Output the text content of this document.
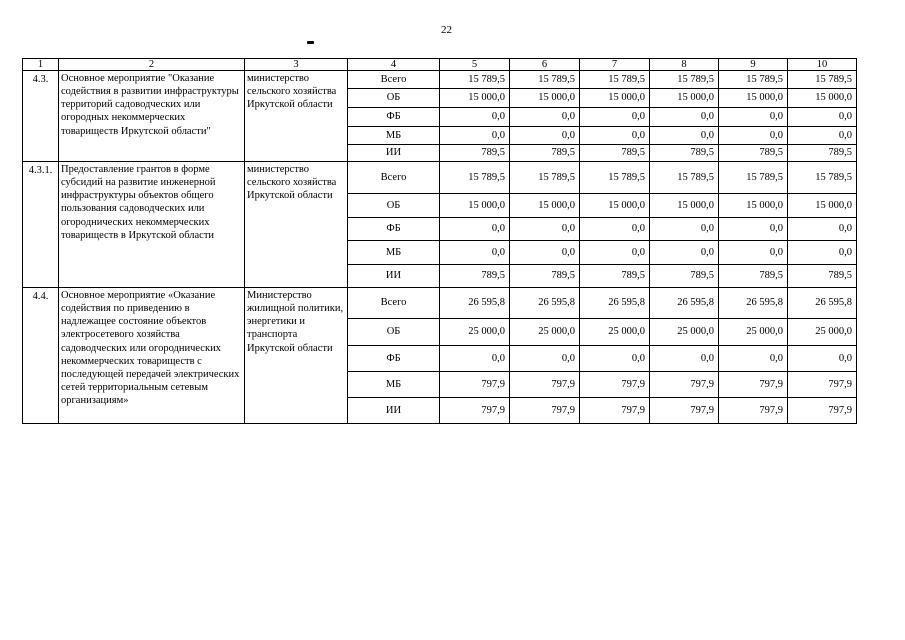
22
1	2	3	4	5	6	7	8	9	10
4.3.	Основное мероприятие "Оказание содействия в развитии инфраструктуры территорий садоводческих или огородных некоммерческих товариществ Иркутской области"	министерство сельского хозяйства Иркутской области	Всего	15 789,5	15 789,5	15 789,5	15 789,5	15 789,5	15 789,5
			ОБ	15 000,0	15 000,0	15 000,0	15 000,0	15 000,0	15 000,0
			ФБ	0,0	0,0	0,0	0,0	0,0	0,0
			МБ	0,0	0,0	0,0	0,0	0,0	0,0
			ИИ	789,5	789,5	789,5	789,5	789,5	789,5
4.3.1.	Предоставление грантов в форме субсидий на развитие инженерной инфраструктуры объектов общего пользования садоводческих или огороднических некоммерческих товариществ в Иркутской области	министерство сельского хозяйства Иркутской области	Всего	15 789,5	15 789,5	15 789,5	15 789,5	15 789,5	15 789,5
			ОБ	15 000,0	15 000,0	15 000,0	15 000,0	15 000,0	15 000,0
			ФБ	0,0	0,0	0,0	0,0	0,0	0,0
			МБ	0,0	0,0	0,0	0,0	0,0	0,0
			ИИ	789,5	789,5	789,5	789,5	789,5	789,5
4.4.	Основное мероприятие «Оказание содействия по приведению в надлежащее состояние объектов электросетевого хозяйства садоводческих или огороднических некоммерческих товариществ с последующей передачей электрических сетей территориальным сетевым организациям»	Министерство жилищной политики, энергетики и транспорта Иркутской области	Всего	26 595,8	26 595,8	26 595,8	26 595,8	26 595,8	26 595,8
			ОБ	25 000,0	25 000,0	25 000,0	25 000,0	25 000,0	25 000,0
			ФБ	0,0	0,0	0,0	0,0	0,0	0,0
			МБ	797,9	797,9	797,9	797,9	797,9	797,9
			ИИ	797,9	797,9	797,9	797,9	797,9	797,9
